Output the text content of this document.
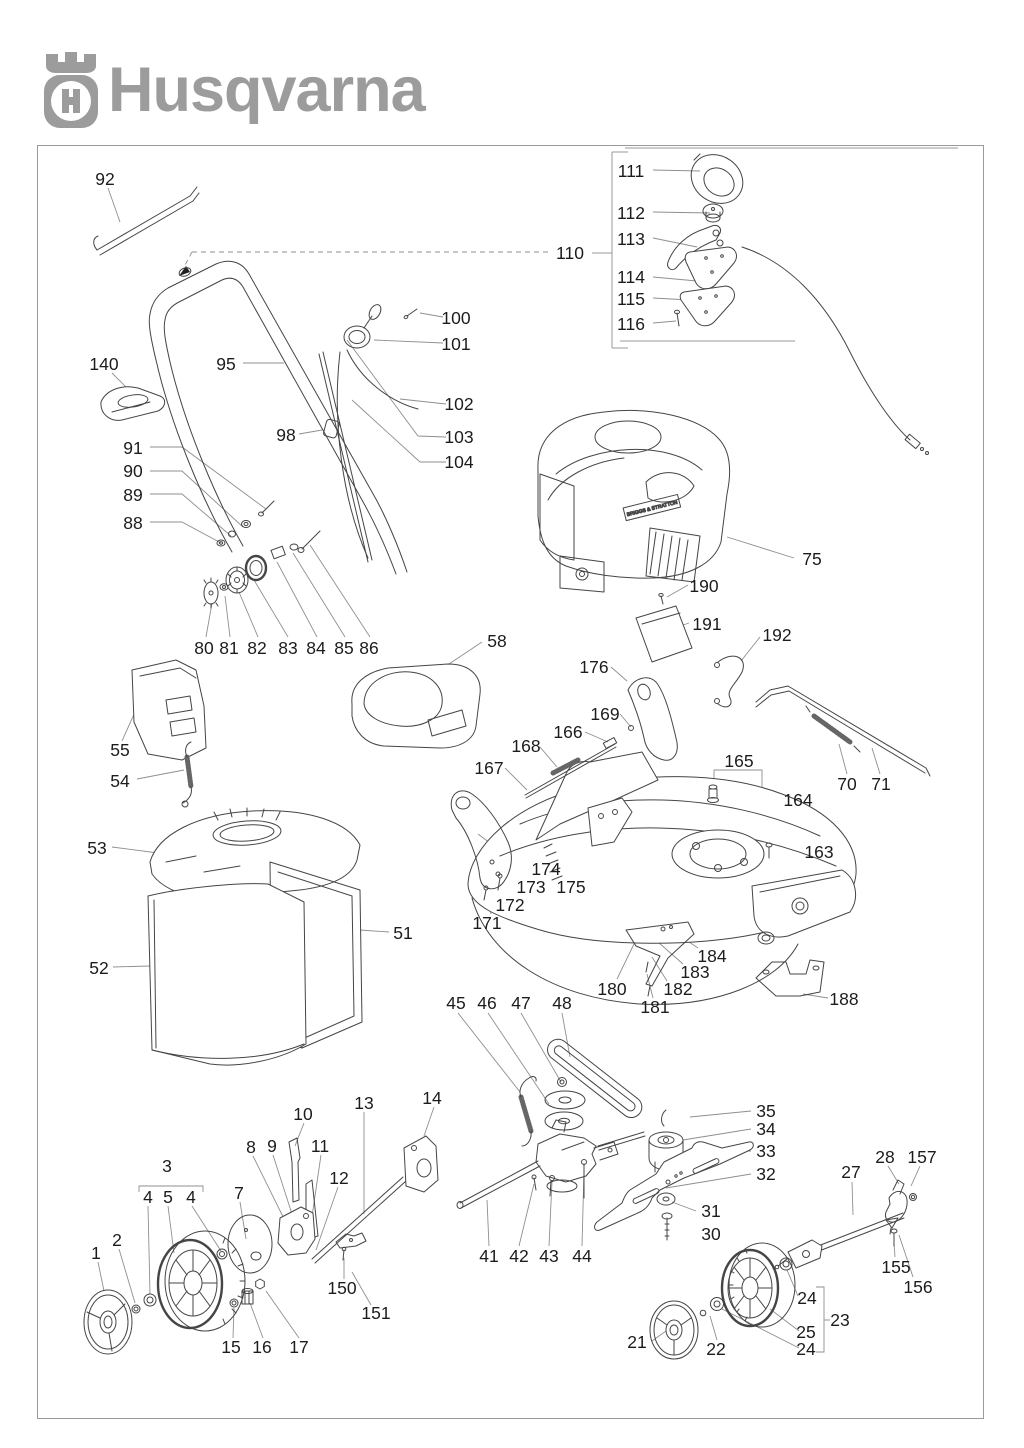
Husqvarna
BRIGGS & STRATTON
92
110
111
112
113
114
115
116
100
101
140	95
102
98	103
104
91
90
89
88
75
190
191
192
80 81 82 83 84 85 86	58
176
169
166
168
167	165
70 71
164
163
55
54
53
174
173 175
172
171
51
52
184
183
180 182
181	188
45 46 47 48
35
34
33
32
10
13	14
8 9 11
12
3	28 157
27
4 5 4 7
31
30
2
1	41 42 43 44
155
156
150	24
151	23
25
21	22	24
15 16 17
